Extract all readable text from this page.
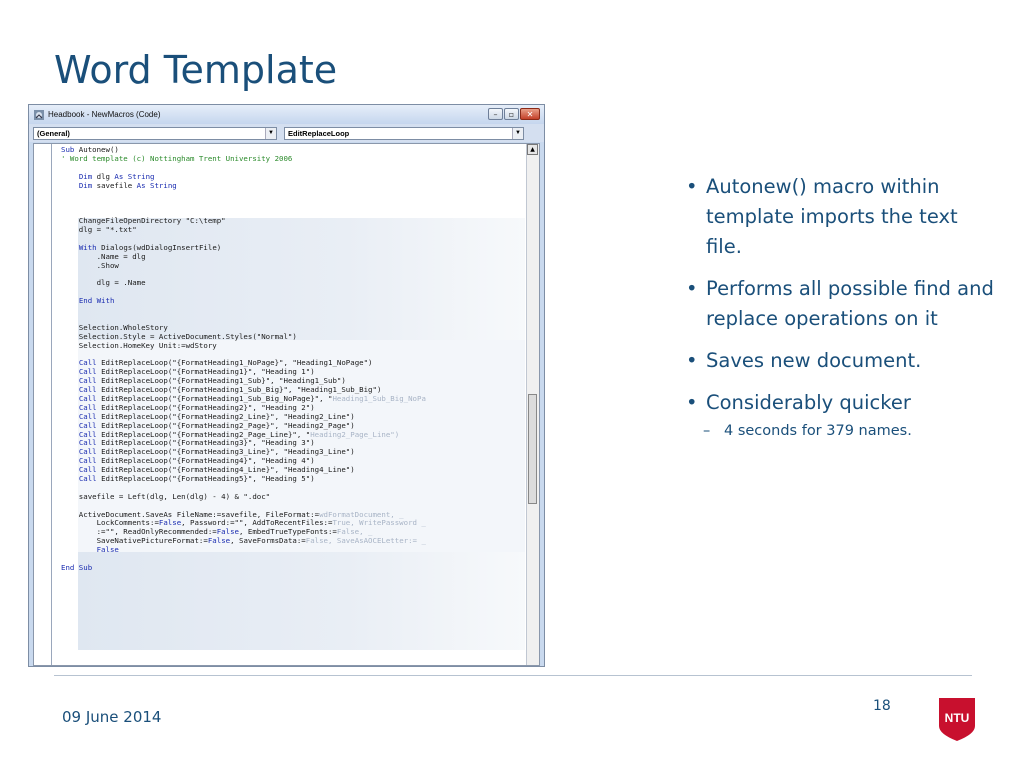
Word Template
Headbook - NewMacros (Code)	–	▫	✕
(General)	▼	EditReplaceLoop	▼
Sub Autonew()
' Word template (c) Nottingham Trent University 2006
Dim dlg As String
Dim savefile As String
ChangeFileOpenDirectory "C:\temp"
dlg = "*.txt"
With Dialogs(wdDialogInsertFile)
.Name = dlg
.Show
dlg = .Name
End With
Selection.WholeStory
Selection.Style = ActiveDocument.Styles("Normal")
Selection.HomeKey Unit:=wdStory
Call EditReplaceLoop("{FormatHeading1_NoPage}", "Heading1_NoPage")
Call EditReplaceLoop("{FormatHeading1}", "Heading 1")
Call EditReplaceLoop("{FormatHeading1_Sub}", "Heading1_Sub")
Call EditReplaceLoop("{FormatHeading1_Sub_Big}", "Heading1_Sub_Big")
Call EditReplaceLoop("{FormatHeading1_Sub_Big_NoPage}", "Heading1_Sub_Big_NoPa
Call EditReplaceLoop("{FormatHeading2}", "Heading 2")
Call EditReplaceLoop("{FormatHeading2_Line}", "Heading2_Line")
Call EditReplaceLoop("{FormatHeading2_Page}", "Heading2_Page")
Call EditReplaceLoop("{FormatHeading2_Page_Line}", "Heading2_Page_Line")
Call EditReplaceLoop("{FormatHeading3}", "Heading 3")
Call EditReplaceLoop("{FormatHeading3_Line}", "Heading3_Line")
Call EditReplaceLoop("{FormatHeading4}", "Heading 4")
Call EditReplaceLoop("{FormatHeading4_Line}", "Heading4_Line")
Call EditReplaceLoop("{FormatHeading5}", "Heading 5")
savefile = Left(dlg, Len(dlg) - 4) & ".doc"
ActiveDocument.SaveAs FileName:=savefile, FileFormat:=wdFormatDocument, _
LockComments:=False, Password:="", AddToRecentFiles:=True, WritePassword _
:="", ReadOnlyRecommended:=False, EmbedTrueTypeFonts:=False, _
SaveNativePictureFormat:=False, SaveFormsData:=False, SaveAsAOCELetter:= _
False
End Sub
▲
• Autonew() macro within template imports the text file.
• Performs all possible find and replace operations on it
• Saves new document.
• Considerably quicker
– 4 seconds for 379 names.
09 June 2014
18
NTU
